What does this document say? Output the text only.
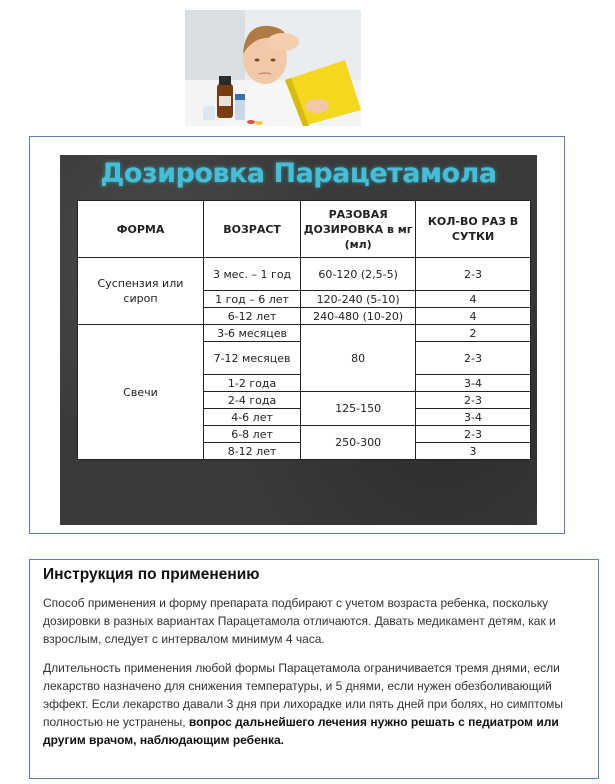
Дозировка Парацетамола
ФОРМА	ВОЗРАСТ	РАЗОВАЯ ДОЗИРОВКА в мг (мл)	КОЛ-ВО РАЗ В СУТКИ
Суспензия или сироп	3 мес. – 1 год	60-120 (2,5-5)	2-3
	1 год – 6 лет	120-240 (5-10)	4
	6-12 лет	240-480 (10-20)	4
Свечи	3-6 месяцев	80	2
	7-12 месяцев		2-3
	1-2 года		3-4
	2-4 года	125-150	2-3
	4-6 лет		3-4
	6-8 лет	250-300	2-3
	8-12 лет		3
Инструкция по применению

Способ применения и форму препарата подбирают с учетом возраста ребенка, поскольку дозировки в разных вариантах Парацетамола отличаются. Давать медикамент детям, как и взрослым, следует с интервалом минимум 4 часа.

Длительность применения любой формы Парацетамола ограничивается тремя днями, если лекарство назначено для снижения температуры, и 5 днями, если нужен обезболивающий эффект. Если лекарство давали 3 дня при лихорадке или пять дней при болях, но симптомы полностью не устранены, вопрос дальнейшего лечения нужно решать с педиатром или другим врачом, наблюдающим ребенка.
